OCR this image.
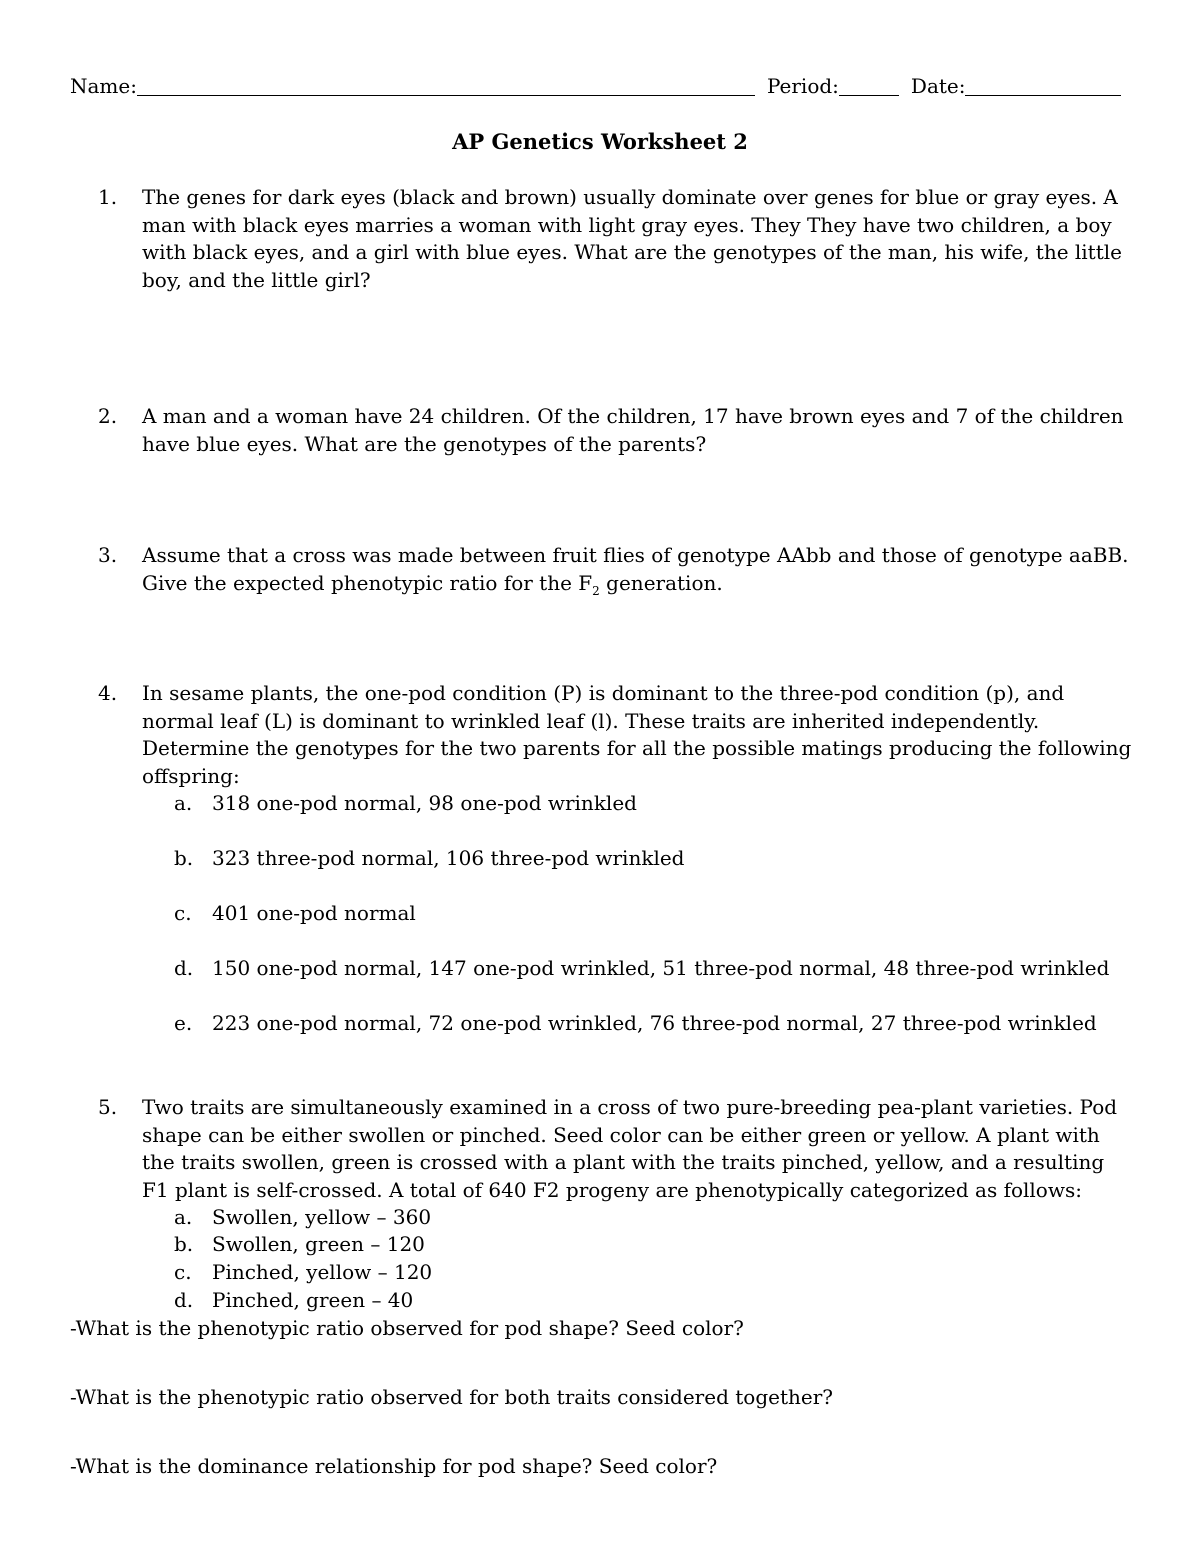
Name:	Period:	Date:
AP Genetics Worksheet 2
1. The genes for dark eyes (black and brown) usually dominate over genes for blue or gray eyes. A man with black eyes marries a woman with light gray eyes. They They have two children, a boy with black eyes, and a girl with blue eyes. What are the genotypes of the man, his wife, the little boy, and the little girl?
2. A man and a woman have 24 children. Of the children, 17 have brown eyes and 7 of the children have blue eyes. What are the genotypes of the parents?
3. Assume that a cross was made between fruit flies of genotype AAbb and those of genotype aaBB. Give the expected phenotypic ratio for the $F_2$ generation.
4. In sesame plants, the one-pod condition (P) is dominant to the three-pod condition (p), and normal leaf (L) is dominant to wrinkled leaf (l). These traits are inherited independently. Determine the genotypes for the two parents for all the possible matings producing the following offspring:
a. 318 one-pod normal, 98 one-pod wrinkled
b. 323 three-pod normal, 106 three-pod wrinkled
c. 401 one-pod normal
d. 150 one-pod normal, 147 one-pod wrinkled, 51 three-pod normal, 48 three-pod wrinkled
e. 223 one-pod normal, 72 one-pod wrinkled, 76 three-pod normal, 27 three-pod wrinkled
5. Two traits are simultaneously examined in a cross of two pure-breeding pea-plant varieties. Pod shape can be either swollen or pinched. Seed color can be either green or yellow. A plant with the traits swollen, green is crossed with a plant with the traits pinched, yellow, and a resulting F1 plant is self-crossed. A total of 640 F2 progeny are phenotypically categorized as follows:
a. Swollen, yellow – 360
b. Swollen, green – 120
c. Pinched, yellow – 120
d. Pinched, green – 40
-What is the phenotypic ratio observed for pod shape? Seed color?
-What is the phenotypic ratio observed for both traits considered together?
-What is the dominance relationship for pod shape? Seed color?
